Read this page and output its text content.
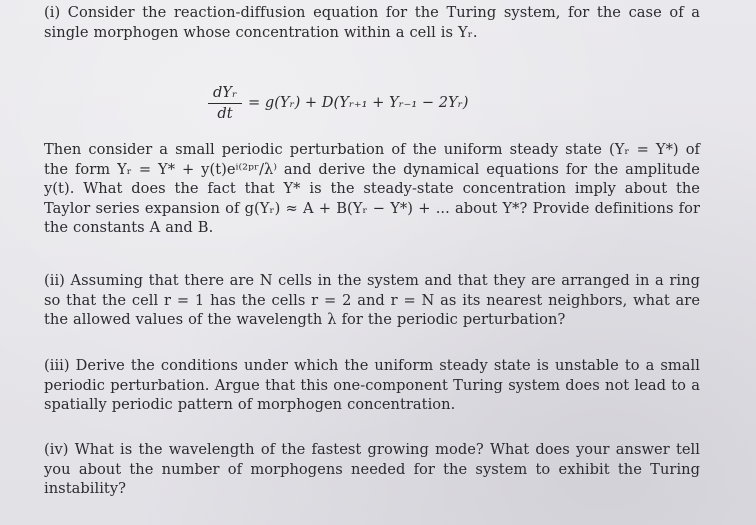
(i) Consider the reaction-diffusion equation for the Turing system, for the case of a single morphogen whose concentration within a cell is Yᵣ.

dYᵣ
dt
= g(Yᵣ) + D(Yᵣ₊₁ + Yᵣ₋₁ − 2Yᵣ)

Then consider a small periodic perturbation of the uniform steady state (Yᵣ = Y*) of the form Yᵣ = Y* + y(t)eⁱ⁽²ᵖʳ/λ⁾ and derive the dynamical equations for the amplitude y(t). What does the fact that Y* is the steady-state concentration imply about the Taylor series expansion of g(Yᵣ) ≈ A + B(Yᵣ − Y*) + ... about Y*? Provide definitions for the constants A and B.

(ii) Assuming that there are N cells in the system and that they are arranged in a ring so that the cell r = 1 has the cells r = 2 and r = N as its nearest neighbors, what are the allowed values of the wavelength λ for the periodic perturbation?

(iii) Derive the conditions under which the uniform steady state is unstable to a small periodic perturbation. Argue that this one-component Turing system does not lead to a spatially periodic pattern of morphogen concentration.

(iv) What is the wavelength of the fastest growing mode? What does your answer tell you about the number of morphogens needed for the system to exhibit the Turing instability?
